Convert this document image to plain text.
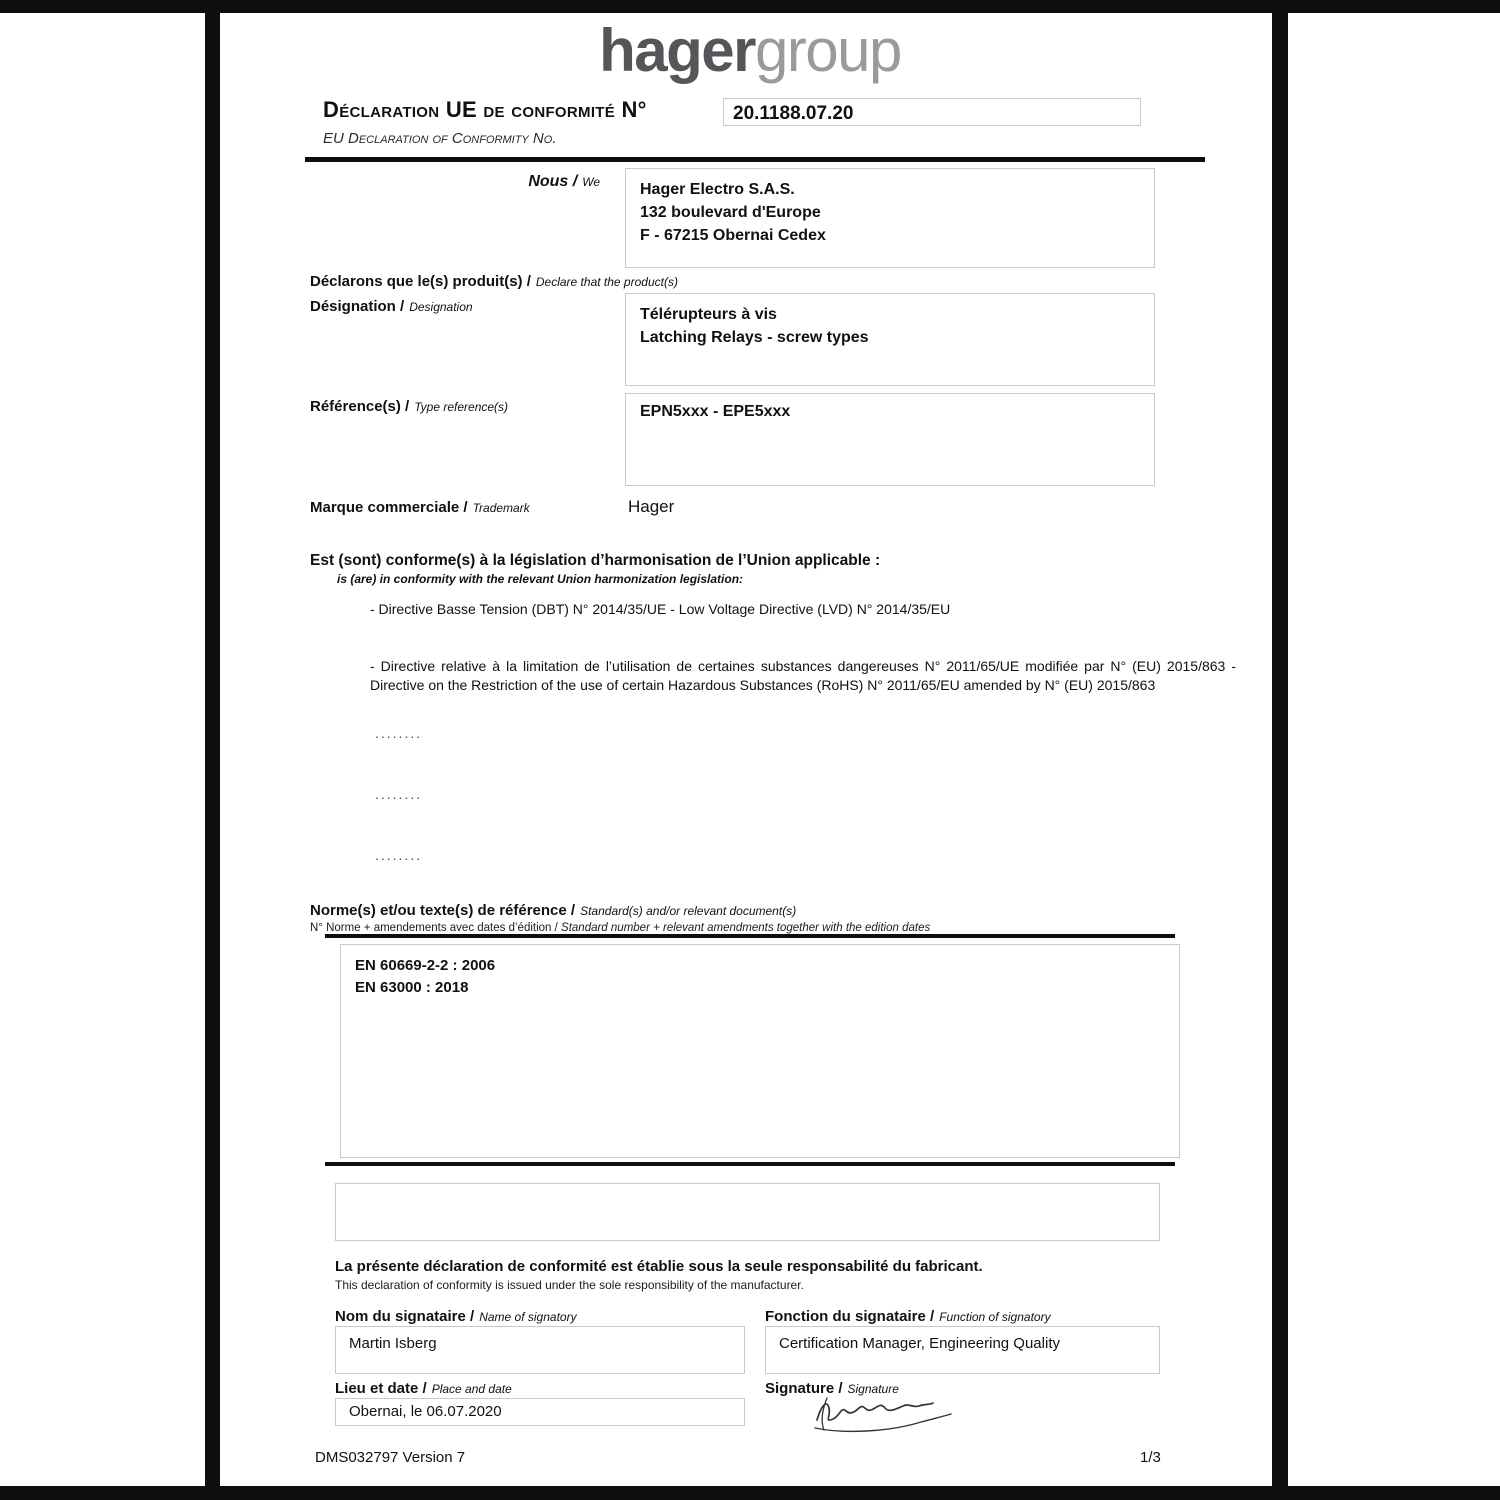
hagergroup
Déclaration UE de conformité N°	20.1188.07.20
EU Declaration of Conformity No.
Nous / We	Hager Electro S.A.S.
132 boulevard d'Europe
F - 67215 Obernai Cedex
Déclarons que le(s) produit(s) / Declare that the product(s)
Désignation / Designation	Télérupteurs à vis
Latching Relays - screw types
Référence(s) / Type reference(s)	EPN5xxx - EPE5xxx
Marque commerciale / Trademark	Hager
Est (sont) conforme(s) à la législation d’harmonisation de l’Union applicable :
is (are) in conformity with the relevant Union harmonization legislation:
- Directive Basse Tension (DBT) N° 2014/35/UE - Low Voltage Directive (LVD) N° 2014/35/EU
- Directive relative à la limitation de l’utilisation de certaines substances dangereuses N° 2011/65/UE modifiée par N° (EU) 2015/863 - Directive on the Restriction of the use of certain Hazardous Substances (RoHS) N° 2011/65/EU amended by N° (EU) 2015/863
........
........
........
Norme(s) et/ou texte(s) de référence / Standard(s) and/or relevant document(s)
N° Norme + amendements avec dates d’édition / Standard number + relevant amendments together with the edition dates
EN 60669-2-2 : 2006
EN 63000 : 2018
La présente déclaration de conformité est établie sous la seule responsabilité du fabricant.
This declaration of conformity is issued under the sole responsibility of the manufacturer.
Nom du signataire / Name of signatory	Fonction du signataire / Function of signatory
Martin Isberg	Certification Manager, Engineering Quality
Lieu et date / Place and date	Signature / Signature
Obernai, le 06.07.2020
DMS032797 Version 7	1/3
